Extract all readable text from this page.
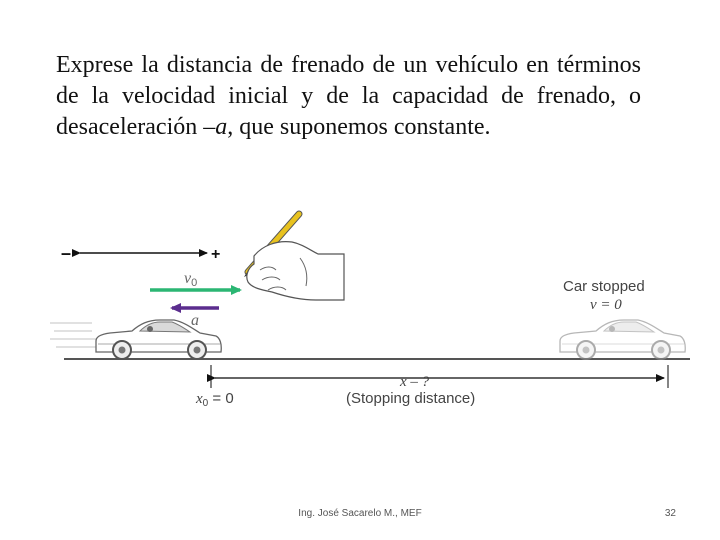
Exprese la distancia de frenado de un vehículo en términos de la velocidad inicial y de la capacidad de frenado, o desaceleración –a, que suponemos constante.

–	+
v0
a
Car stopped
v = 0
x – ?
$x_0 = 0$	(Stopping distance)
Ing. José Sacarelo M., MEF	32
